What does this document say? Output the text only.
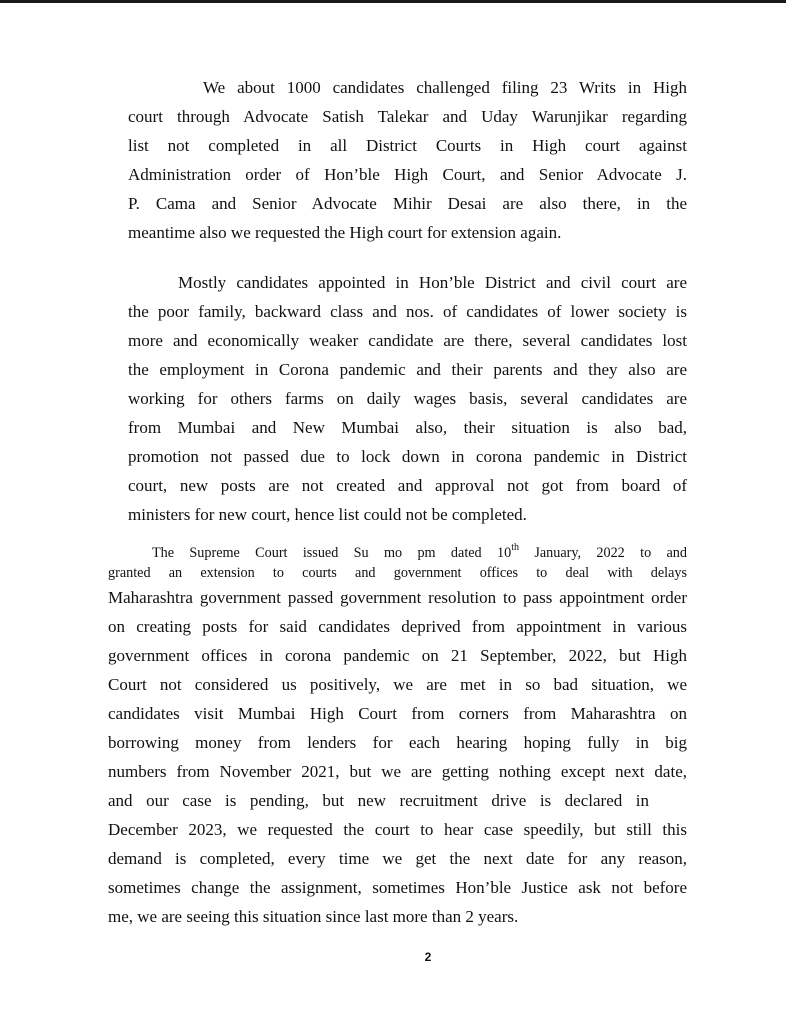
We about 1000 candidates challenged filing 23 Writs in High
court through Advocate Satish Talekar and Uday Warunjikar regarding
list not completed in all District Courts in High court against
Administration order of Hon’ble High Court, and Senior Advocate J.
P. Cama and Senior Advocate Mihir Desai are also there, in the
meantime also we requested the High court for extension again.
Mostly candidates appointed in Hon’ble District and civil court are
the poor family, backward class and nos. of candidates of lower society is
more and economically weaker candidate are there, several candidates lost
the employment in Corona pandemic and their parents and they also are
working for others farms on daily wages basis, several candidates are
from Mumbai and New Mumbai also, their situation is also bad,
promotion not passed due to lock down in corona pandemic in District
court, new posts are not created and approval not got from board of
ministers for new court, hence list could not be completed.
The Supreme Court issued Su mo pm dated 10th January, 2022 to and
granted an extension to courts and government offices to deal with delays
Maharashtra government passed government resolution to pass appointment order
on creating posts for said candidates deprived from appointment in various
government offices in corona pandemic on 21 September, 2022, but High
Court not considered us positively, we are met in so bad situation, we
candidates visit Mumbai High Court from corners from Maharashtra on
borrowing money from lenders for each hearing hoping fully in big
numbers from November 2021, but we are getting nothing except next date,
and our case is pending, but new recruitment drive is declared in
December 2023, we requested the court to hear case speedily, but still this
demand is completed, every time we get the next date for any reason,
sometimes change the assignment, sometimes Hon’ble Justice ask not before
me, we are seeing this situation since last more than 2 years.
2
